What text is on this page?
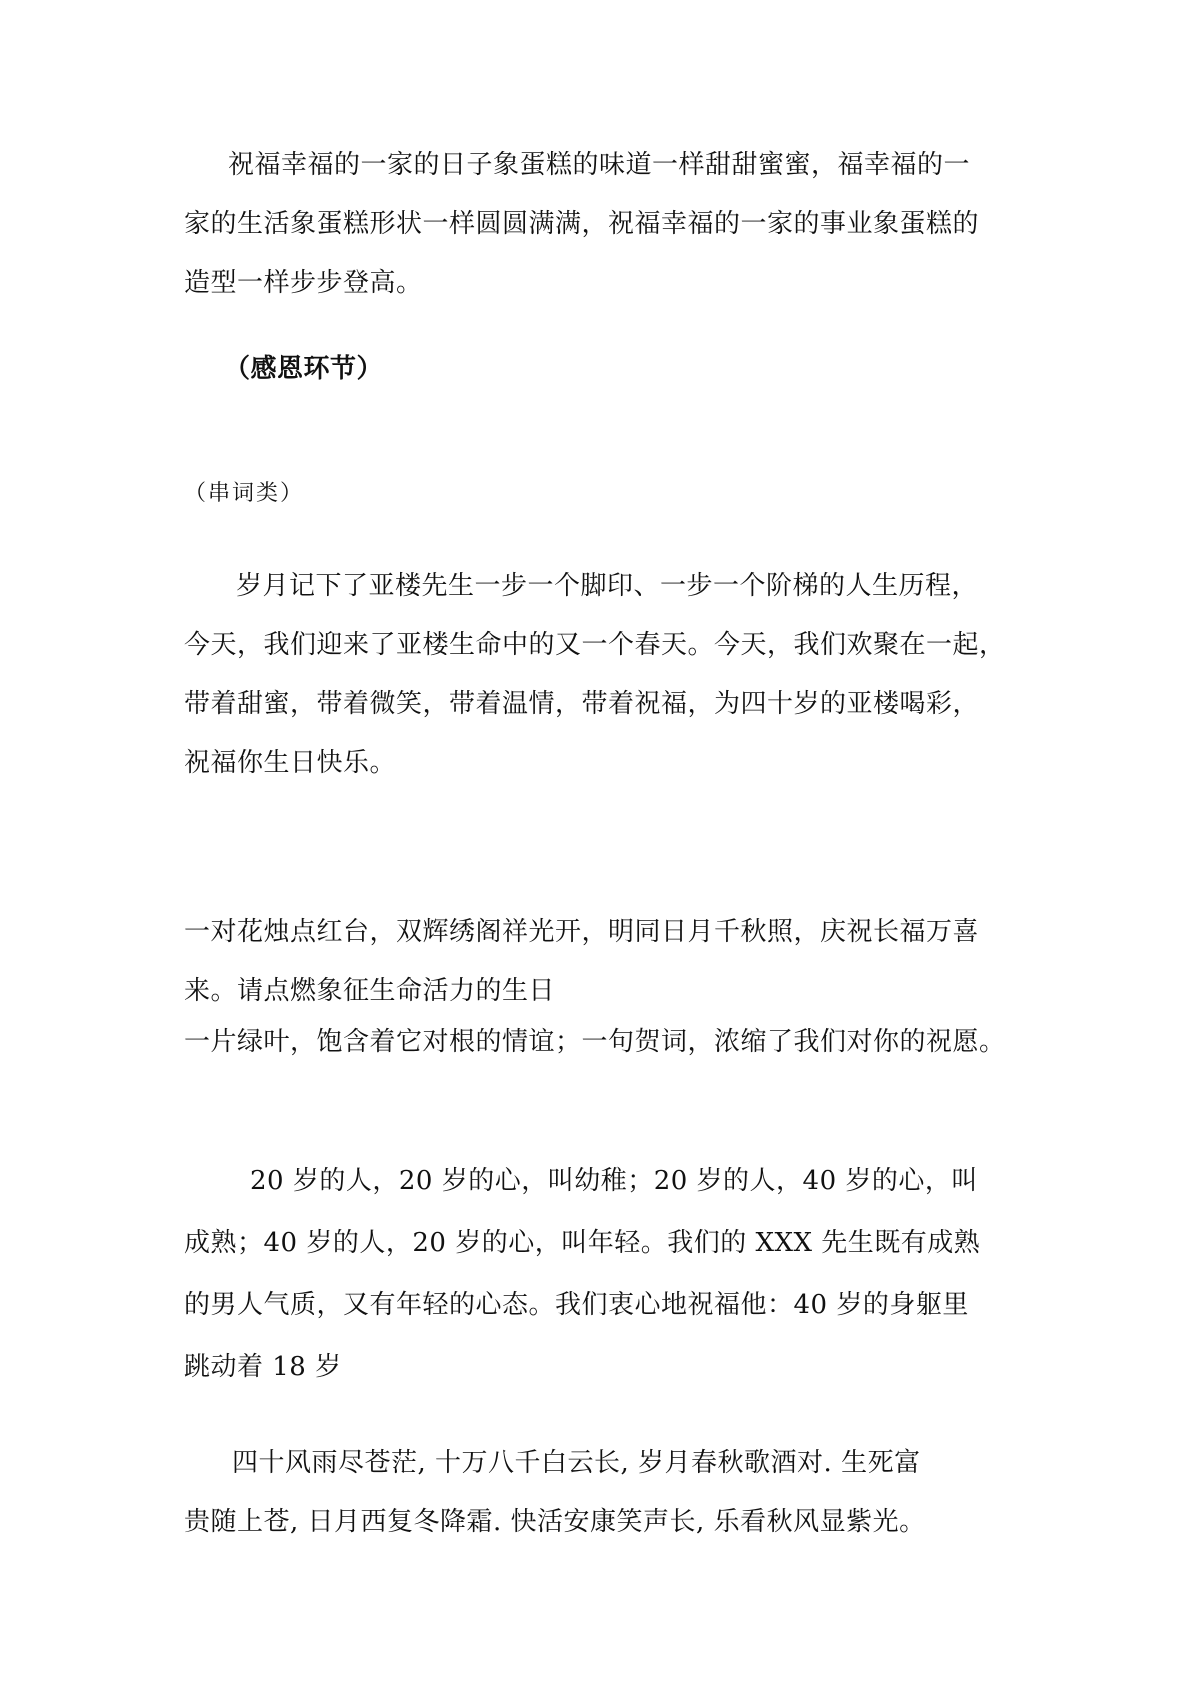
祝福幸福的一家的日子象蛋糕的味道一样甜甜蜜蜜，福幸福的一

家的生活象蛋糕形状一样圆圆满满，祝福幸福的一家的事业象蛋糕的

造型一样步步登高。

（感恩环节）

（串词类）

岁月记下了亚楼先生一步一个脚印、一步一个阶梯的人生历程，

今天，我们迎来了亚楼生命中的又一个春天。今天，我们欢聚在一起，

带着甜蜜，带着微笑，带着温情，带着祝福，为四十岁的亚楼喝彩，

祝福你生日快乐。

一对花烛点红台，双辉绣阁祥光开，明同日月千秋照，庆祝长福万喜

来。请点燃象征生命活力的生日

一片绿叶，饱含着它对根的情谊；一句贺词，浓缩了我们对你的祝愿。

20 岁的人，20 岁的心，叫幼稚；20 岁的人，40 岁的心，叫

成熟；40 岁的人，20 岁的心，叫年轻。我们的 XXX 先生既有成熟

的男人气质，又有年轻的心态。我们衷心地祝福他：40 岁的身躯里

跳动着 18 岁

四十风雨尽苍茫, 十万八千白云长, 岁月春秋歌酒对. 生死富

贵随上苍, 日月西复冬降霜. 快活安康笑声长, 乐看秋风显紫光。
